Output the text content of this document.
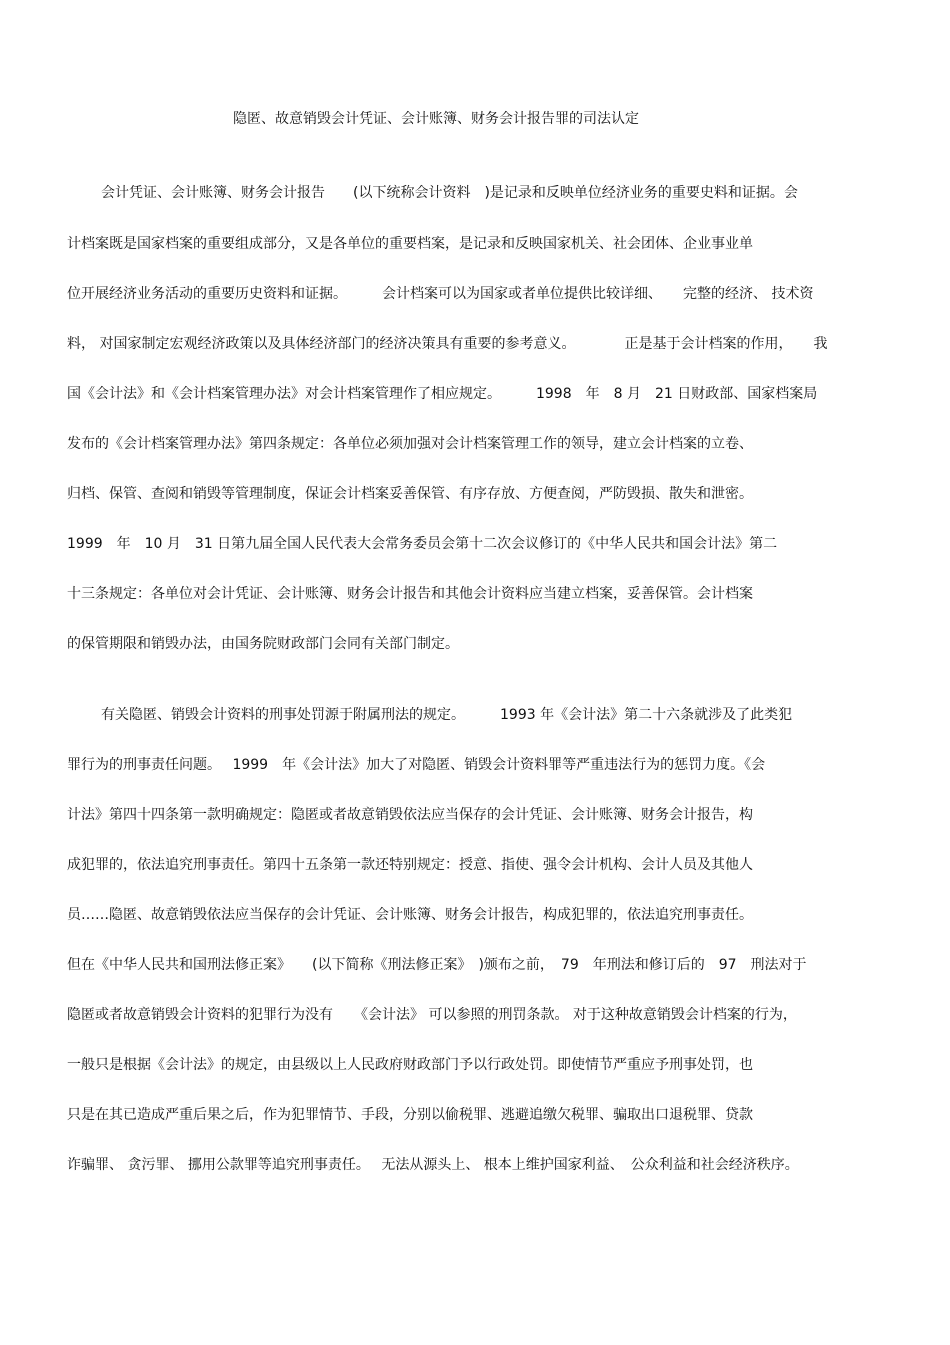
隐匿、故意销毁会计凭证、会计账簿、财务会计报告罪的司法认定
会计凭证、会计账簿、财务会计报告　　(以下统称会计资料　)是记录和反映单位经济业务的重要史料和证据。会
计档案既是国家档案的重要组成部分，又是各单位的重要档案，是记录和反映国家机关、社会团体、企业事业单
位开展经济业务活动的重要历史资料和证据。　　　会计档案可以为国家或者单位提供比较详细、　　完整的经济、 技术资
料， 对国家制定宏观经济政策以及具体经济部门的经济决策具有重要的参考意义。　　　　正是基于会计档案的作用，　　我
国《会计法》和《会计档案管理办法》对会计档案管理作了相应规定。　　　1998　年　8 月　21 日财政部、国家档案局
发布的《会计档案管理办法》第四条规定：各单位必须加强对会计档案管理工作的领导，建立会计档案的立卷、
归档、保管、查阅和销毁等管理制度，保证会计档案妥善保管、有序存放、方便查阅，严防毁损、散失和泄密。
1999　年　10 月　31 日第九届全国人民代表大会常务委员会第十二次会议修订的《中华人民共和国会计法》第二
十三条规定：各单位对会计凭证、会计账簿、财务会计报告和其他会计资料应当建立档案，妥善保管。会计档案
的保管期限和销毁办法，由国务院财政部门会同有关部门制定。
有关隐匿、销毁会计资料的刑事处罚源于附属刑法的规定。　　　1993 年《会计法》第二十六条就涉及了此类犯
罪行为的刑事责任问题。　 1999　年《会计法》加大了对隐匿、销毁会计资料罪等严重违法行为的惩罚力度。《会
计法》第四十四条第一款明确规定：隐匿或者故意销毁依法应当保存的会计凭证、会计账簿、财务会计报告，构
成犯罪的，依法追究刑事责任。第四十五条第一款还特别规定：授意、指使、强令会计机构、会计人员及其他人
员……隐匿、故意销毁依法应当保存的会计凭证、会计账簿、财务会计报告，构成犯罪的，依法追究刑事责任。
但在《中华人民共和国刑法修正案》　　(以下简称《刑法修正案》　)颁布之前，　79　年刑法和修订后的　97　刑法对于
隐匿或者故意销毁会计资料的犯罪行为没有　　《会计法》 可以参照的刑罚条款。 对于这种故意销毁会计档案的行为，
一般只是根据《会计法》的规定，由县级以上人民政府财政部门予以行政处罚。即使情节严重应予刑事处罚，也
只是在其已造成严重后果之后，作为犯罪情节、手段，分别以偷税罪、逃避追缴欠税罪、骗取出口退税罪、贷款
诈骗罪、 贪污罪、 挪用公款罪等追究刑事责任。　 无法从源头上、 根本上维护国家利益、　公众利益和社会经济秩序。
